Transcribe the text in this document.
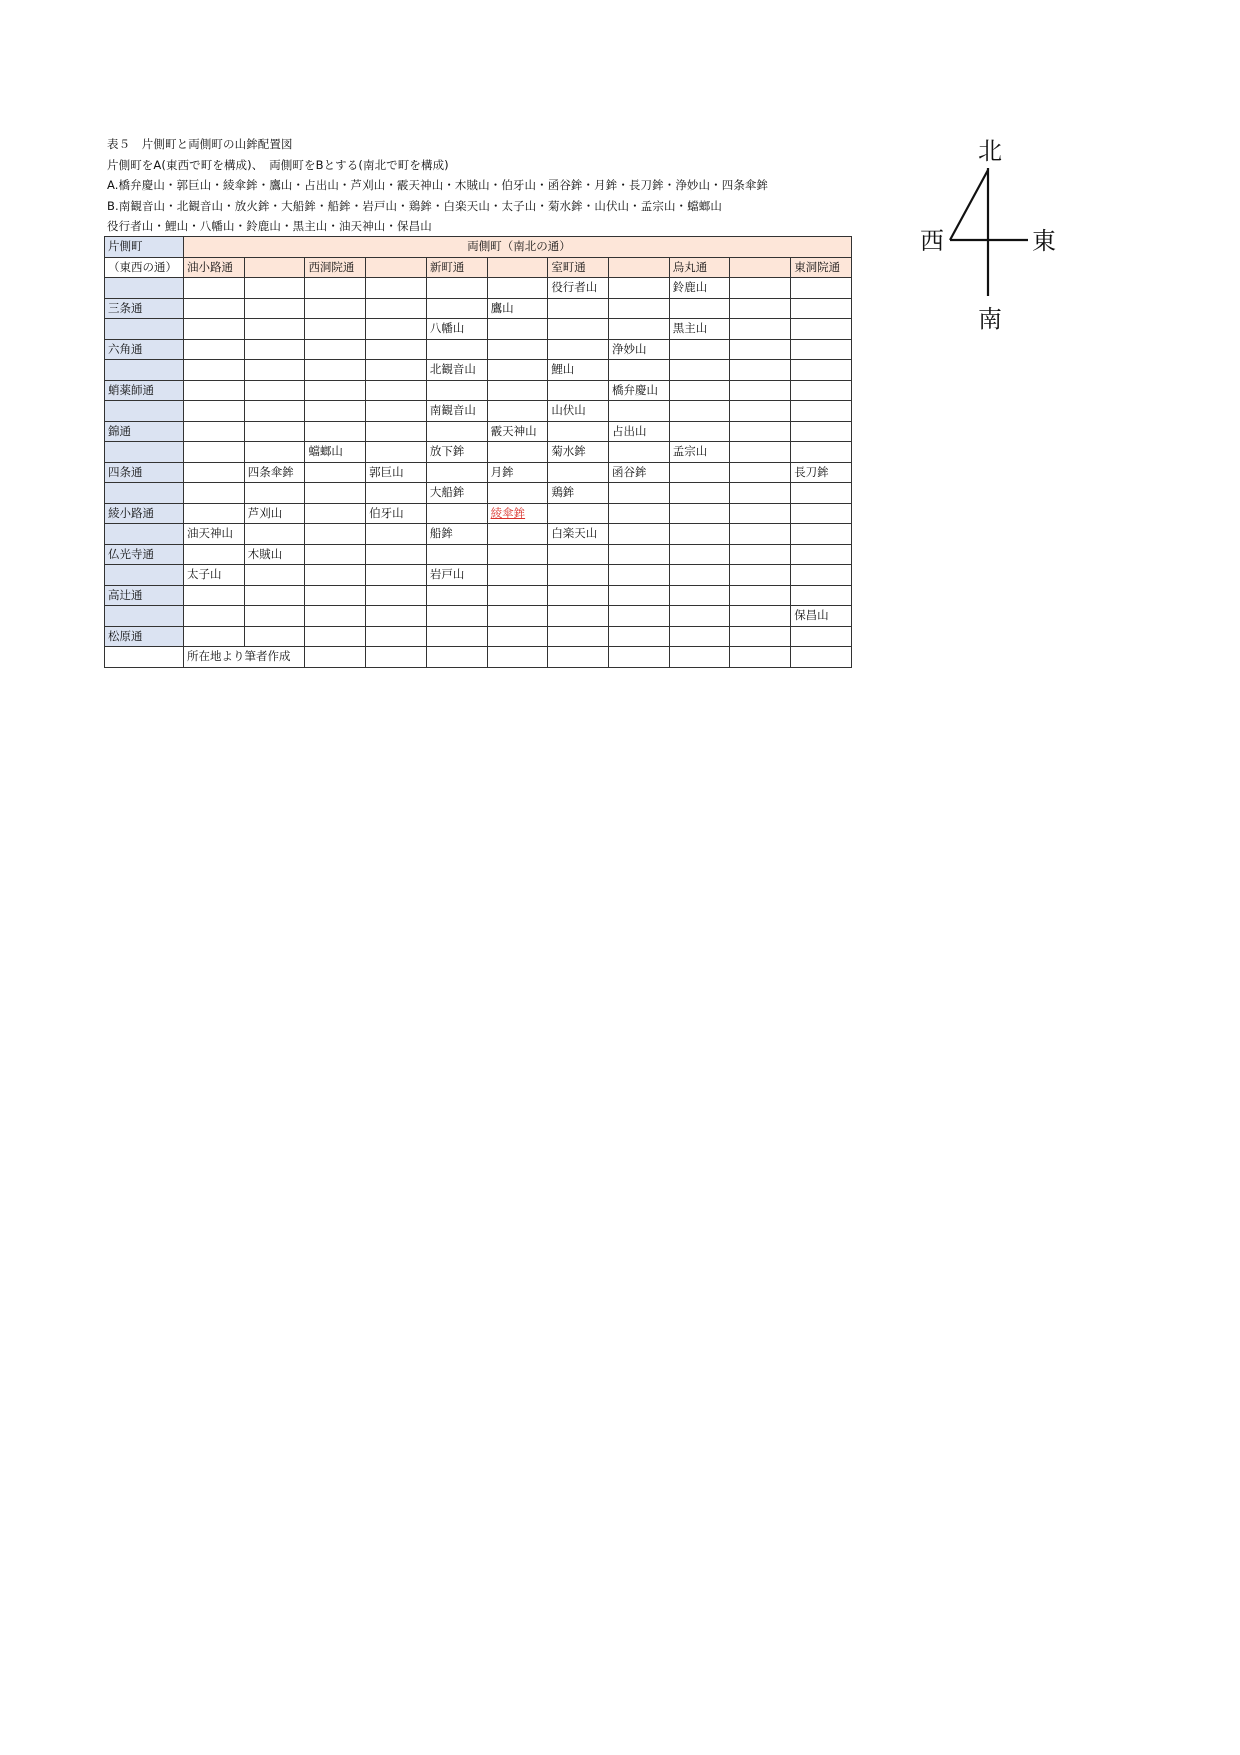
表５　片側町と両側町の山鉾配置図
片側町をA(東西で町を構成)、　両側町をBとする(南北で町を構成)
A.橋弁慶山・郭巨山・綾傘鉾・鷹山・占出山・芦刈山・霰天神山・木賊山・伯牙山・函谷鉾・月鉾・長刀鉾・浄妙山・四条傘鉾
B.南観音山・北観音山・放火鉾・大船鉾・船鉾・岩戸山・鶏鉾・白楽天山・太子山・菊水鉾・山伏山・孟宗山・蟷螂山
役行者山・鯉山・八幡山・鈴鹿山・黒主山・油天神山・保昌山
片側町	両側町（南北の通）										
（東西の通）	油小路通		西洞院通		新町通		室町通		烏丸通		東洞院通
							役行者山		鈴鹿山		
三条通						鷹山					
					八幡山				黒主山		
六角通								浄妙山			
					北観音山		鯉山				
蛸薬師通								橋弁慶山			
					南観音山		山伏山				
錦通						霰天神山		占出山			
			蟷螂山		放下鉾		菊水鉾		孟宗山		
四条通		四条傘鉾		郭巨山		月鉾		函谷鉾			長刀鉾
					大船鉾		鶏鉾				
綾小路通		芦刈山		伯牙山		綾傘鉾					
	油天神山				船鉾		白楽天山				
仏光寺通		木賊山									
	太子山				岩戸山						
高辻通											
											保昌山
松原通											
	所在地より筆者作成										
北
西	東
南
